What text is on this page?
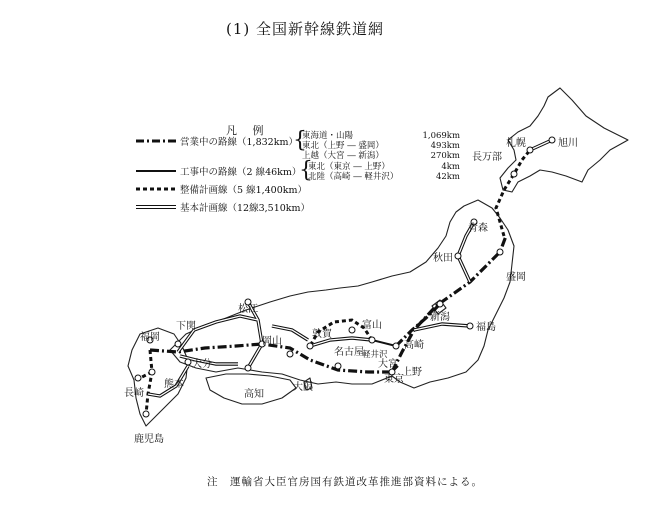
(1) 全国新幹線鉄道網
凡 例
営業中の路線（1,832km）
工事中の路線（2 線46km）
整備計画線（5 線1,400km）
基本計画線（12線3,510km）
{
東海道・山陽
東北（上野 ― 盛岡）
上越（大宮 ― 新潟）
1,069km
493km
270km
{
東北（東京 ― 上野）
北陸（高崎 ― 軽井沢）
4km
42km
旭川
札幌
長万部
青森
秋田
盛岡
新潟
福島
富山
高崎
軽井沢
大宮
上野
東京
名古屋
敦賀
大阪
岡山
松江
高知
下関
福岡
大分
熊本
長崎
鹿児島
注　運輸省大臣官房国有鉄道改革推進部資料による。
